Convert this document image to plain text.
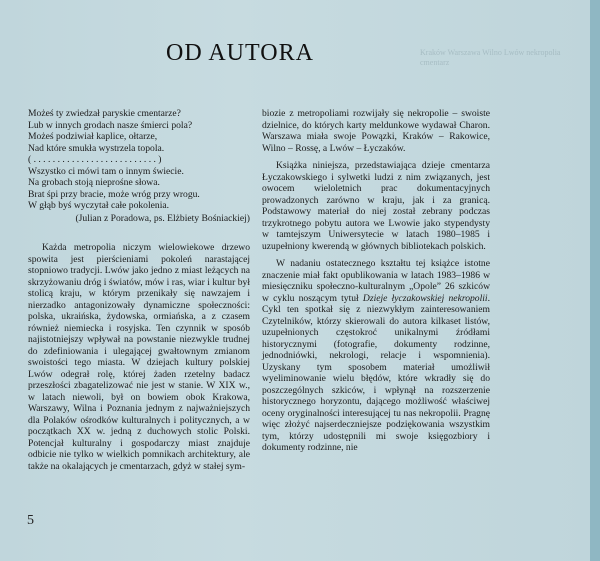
Kraków Warszawa Wilno Lwów nekropolia cmentarz
OD AUTORA
Możeś ty zwiedzał paryskie cmentarze?
Lub w innych grodach nasze śmierci pola?
Możeś podziwiał kaplice, ołtarze,
Nad które smukła wystrzela topola.
( . . . . . . . . . . . . . . . . . . . . . . . . . . )
Wszystko ci mówi tam o innym świecie.
Na grobach stoją nieprośne słowa.
Brat śpi przy bracie, może wróg przy wrogu.
W głąb byś wyczytał całe pokolenia.
(Julian z Poradowa, ps. Elżbiety Bośniackiej)

Każda metropolia niczym wielowiekowe drzewo spowita jest pierścieniami pokoleń narastającej stopniowo tradycji. Lwów jako jedno z miast leżących na skrzyżowaniu dróg i światów, mów i ras, wiar i kultur był stolicą kraju, w którym przenikały się nawzajem i nierzadko antagonizowały dynamiczne społeczności: polska, ukraińska, żydowska, ormiańska, a z czasem również niemiecka i rosyjska. Ten czynnik w sposób najistotniejszy wpływał na powstanie niezwykle trudnej do zdefiniowania i ulegającej gwałtownym zmianom swoistości tego miasta. W dziejach kultury polskiej Lwów odegrał rolę, której żaden rzetelny badacz przeszłości zbagatelizować nie jest w stanie. W XIX w., w latach niewoli, był on bowiem obok Krakowa, Warszawy, Wilna i Poznania jednym z najważniejszych dla Polaków ośrodków kulturalnych i politycznych, a w początkach XX w. jedną z duchowych stolic Polski. Potencjał kulturalny i gospodarczy miast znajduje odbicie nie tylko w wielkich pomnikach architektury, ale także na okalających je cmentarzach, gdyż w stałej sym-

biozie z metropoliami rozwijały się nekropolie – swoiste dzielnice, do których karty meldunkowe wydawał Charon. Warszawa miała swoje Powązki, Kraków – Rakowice, Wilno – Rossę, a Lwów – Łyczaków.

Książka niniejsza, przedstawiająca dzieje cmentarza Łyczakowskiego i sylwetki ludzi z nim związanych, jest owocem wieloletnich prac dokumentacyjnych prowadzonych zarówno w kraju, jak i za granicą. Podstawowy materiał do niej został zebrany podczas trzykrotnego pobytu autora we Lwowie jako stypendysty w tamtejszym Uniwersytecie w latach 1980–1985 i uzupełniony kwerendą w głównych bibliotekach polskich.

W nadaniu ostatecznego kształtu tej książce istotne znaczenie miał fakt opublikowania w latach 1983–1986 w miesięczniku społeczno-kulturalnym „Opole” 26 szkiców w cyklu noszącym tytuł Dzieje łyczakowskiej nekropolii. Cykl ten spotkał się z niezwykłym zainteresowaniem Czytelników, którzy skierowali do autora kilkaset listów, uzupełnionych częstokroć unikalnymi źródłami historycznymi (fotografie, dokumenty rodzinne, jednodniówki, nekrologi, relacje i wspomnienia). Uzyskany tym sposobem materiał umożliwił wyeliminowanie wielu błędów, które wkradły się do poszczególnych szkiców, i wpłynął na rozszerzenie historycznego horyzontu, dającego możliwość właściwej oceny oryginalności interesującej tu nas nekropolii. Pragnę więc złożyć najserdeczniejsze podziękowania wszystkim tym, którzy udostępnili mi swoje księgozbiory i dokumenty rodzinne, nie

5
